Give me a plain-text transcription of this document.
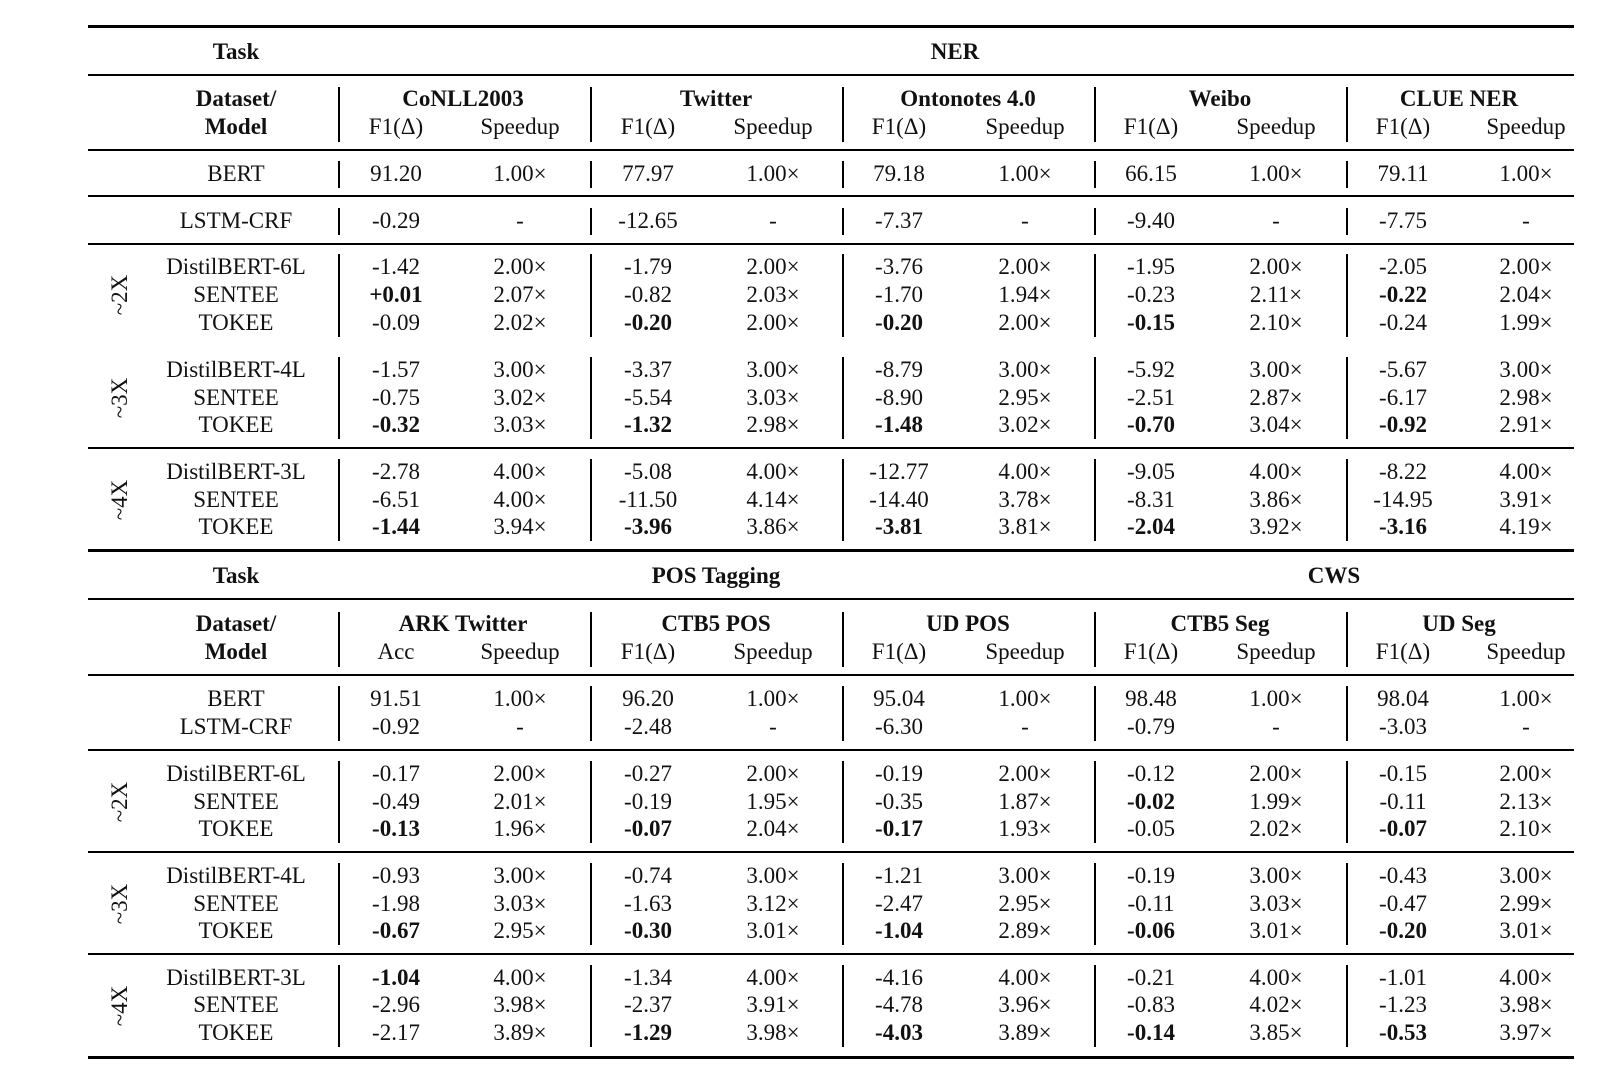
Task	NER
Dataset/
Model
CoNLL2003
F1(Δ) Speedup
Twitter
F1(Δ)	Speedup
Ontonotes 4.0
F1(Δ)	Speedup
Weibo
F1(Δ)	Speedup
CLUE NER
F1(Δ) Speedup
BERT	91.20	1.00×	77.97	1.00×	79.18	1.00×	66.15	1.00×	79.11	1.00×
LSTM-CRF	-0.29	-	-12.65	-	-7.37	-	-9.40	-	-7.75	-
DistilBERT-6L	-1.42	2.00×	-1.79	2.00×	-3.76	2.00×	-1.95	2.00×	-2.05	2.00×
SENTEE	+0.01	2.07×	-0.82	2.03×	-1.70	1.94×	-0.23	2.11×	-0.22	2.04×
TOKEE	-0.09	2.02×	-0.20	2.00×	-0.20	2.00×	-0.15	2.10×	-0.24	1.99×
~2X
DistilBERT-4L	-1.57	3.00×	-3.37	3.00×	-8.79	3.00×	-5.92	3.00×	-5.67	3.00×
SENTEE	-0.75	3.02×	-5.54	3.03×	-8.90	2.95×	-2.51	2.87×	-6.17	2.98×
TOKEE	-0.32	3.03×	-1.32	2.98×	-1.48	3.02×	-0.70	3.04×	-0.92	2.91×
~3X
DistilBERT-3L	-2.78	4.00×	-5.08	4.00×	-12.77	4.00×	-9.05	4.00×	-8.22	4.00×
SENTEE	-6.51	4.00×	-11.50	4.14×	-14.40	3.78×	-8.31	3.86×	-14.95	3.91×
TOKEE	-1.44	3.94×	-3.96	3.86×	-3.81	3.81×	-2.04	3.92×	-3.16	4.19×
~4X
Task	POS Tagging	CWS
Dataset/
Model
ARK Twitter
Acc	Speedup
CTB5 POS
F1(Δ)	Speedup
UD POS
F1(Δ)	Speedup
CTB5 Seg
F1(Δ)	Speedup
UD Seg
F1(Δ) Speedup
BERT	91.51	1.00×	96.20	1.00×	95.04	1.00×	98.48	1.00×	98.04	1.00×
LSTM-CRF	-0.92	-	-2.48	-	-6.30	-	-0.79	-	-3.03	-
DistilBERT-6L	-0.17	2.00×	-0.27	2.00×	-0.19	2.00×	-0.12	2.00×	-0.15	2.00×
SENTEE	-0.49	2.01×	-0.19	1.95×	-0.35	1.87×	-0.02	1.99×	-0.11	2.13×
TOKEE	-0.13	1.96×	-0.07	2.04×	-0.17	1.93×	-0.05	2.02×	-0.07	2.10×
~2X
DistilBERT-4L	-0.93	3.00×	-0.74	3.00×	-1.21	3.00×	-0.19	3.00×	-0.43	3.00×
SENTEE	-1.98	3.03×	-1.63	3.12×	-2.47	2.95×	-0.11	3.03×	-0.47	2.99×
TOKEE	-0.67	2.95×	-0.30	3.01×	-1.04	2.89×	-0.06	3.01×	-0.20	3.01×
~3X
DistilBERT-3L	-1.04	4.00×	-1.34	4.00×	-4.16	4.00×	-0.21	4.00×	-1.01	4.00×
SENTEE	-2.96	3.98×	-2.37	3.91×	-4.78	3.96×	-0.83	4.02×	-1.23	3.98×
TOKEE	-2.17	3.89×	-1.29	3.98×	-4.03	3.89×	-0.14	3.85×	-0.53	3.97×
~4X
